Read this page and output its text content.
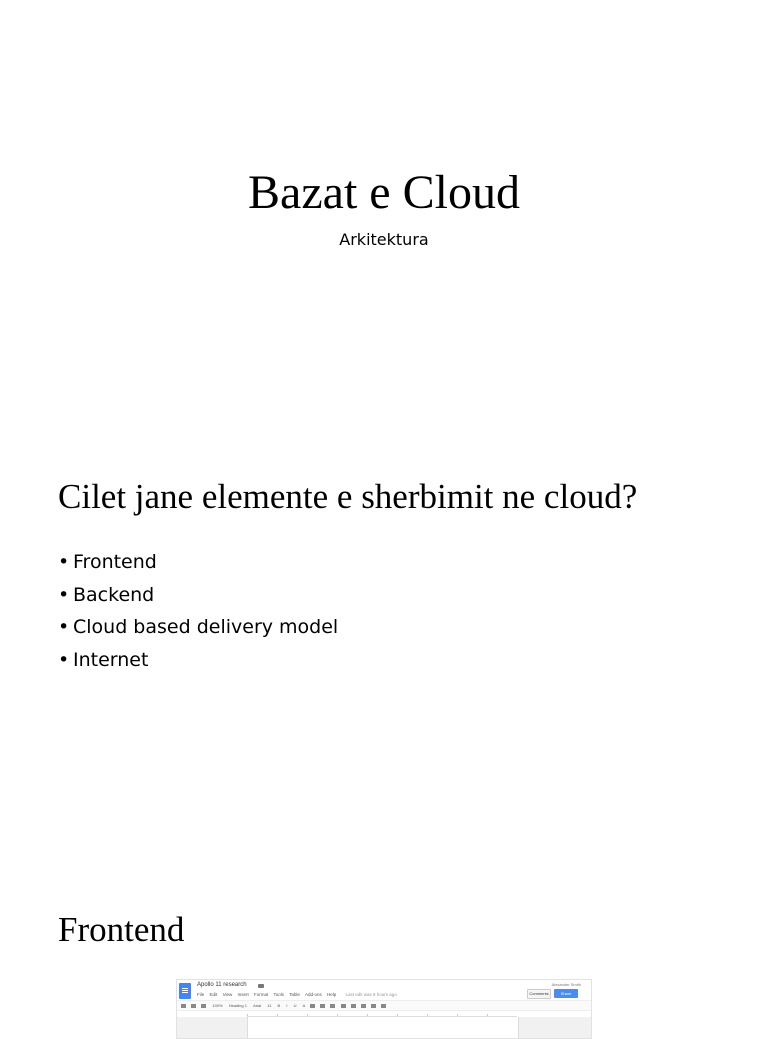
Bazat e Cloud
Arkitektura
Cilet jane elemente e sherbimit ne cloud?
• Frontend
• Backend
• Cloud based delivery model
• Internet
Frontend
Apollo 11 research
File Edit View Insert Format Tools Table Add-ons Help Last edit was 8 hours ago
Alexander Smith
Comments	Share
100% Heading 1 Arial 11 B I U A
